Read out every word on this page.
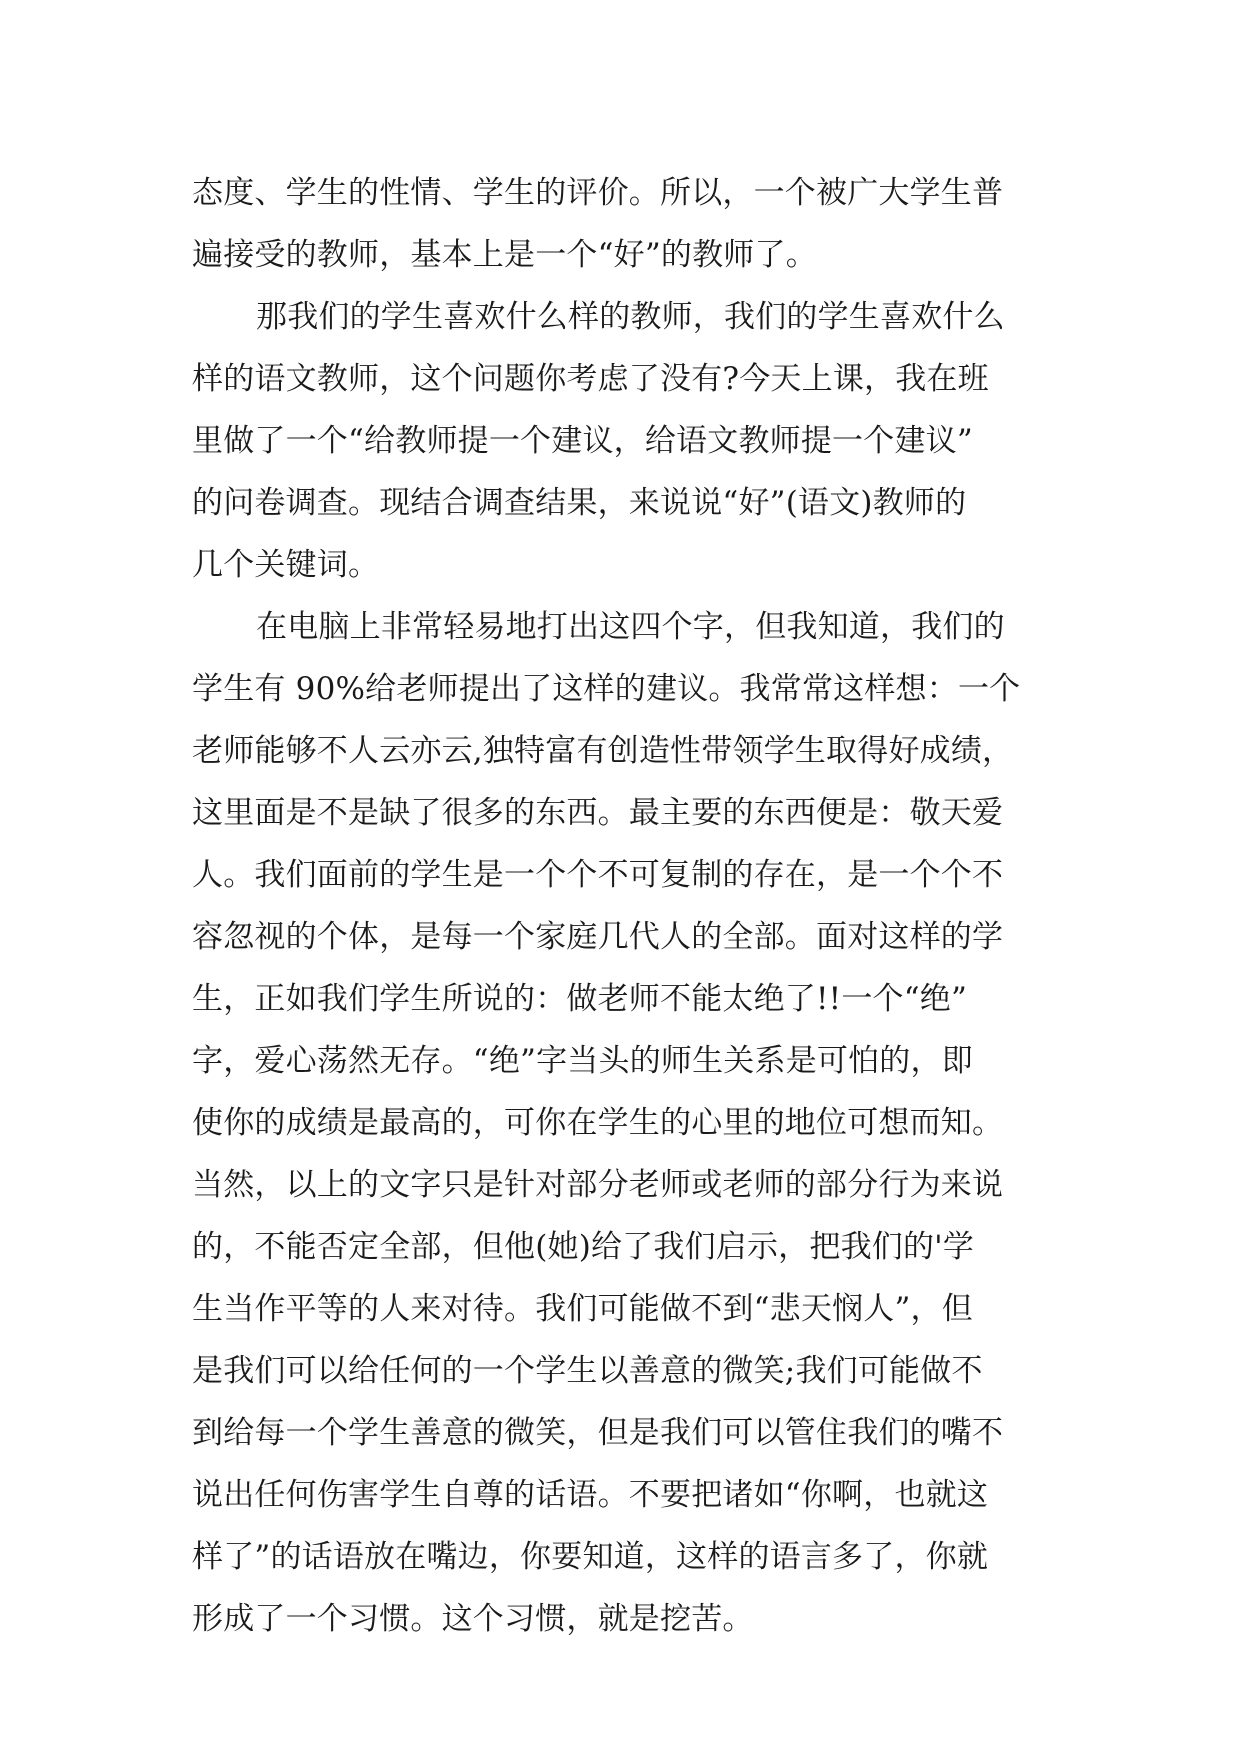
态度、学生的性情、学生的评价。所以，一个被广大学生普
遍接受的教师，基本上是一个“好”的教师了。
那我们的学生喜欢什么样的教师，我们的学生喜欢什么
样的语文教师，这个问题你考虑了没有?今天上课，我在班
里做了一个“给教师提一个建议，给语文教师提一个建议”
的问卷调查。现结合调查结果，来说说“好”(语文)教师的
几个关键词。
在电脑上非常轻易地打出这四个字，但我知道，我们的
学生有 90%给老师提出了这样的建议。我常常这样想：一个
老师能够不人云亦云,独特富有创造性带领学生取得好成绩，
这里面是不是缺了很多的东西。最主要的东西便是：敬天爱
人。我们面前的学生是一个个不可复制的存在，是一个个不
容忽视的个体，是每一个家庭几代人的全部。面对这样的学
生，正如我们学生所说的：做老师不能太绝了!!一个“绝”
字，爱心荡然无存。“绝”字当头的师生关系是可怕的，即
使你的成绩是最高的，可你在学生的心里的地位可想而知。
当然，以上的文字只是针对部分老师或老师的部分行为来说
的，不能否定全部，但他(她)给了我们启示，把我们的'学
生当作平等的人来对待。我们可能做不到“悲天悯人”，但
是我们可以给任何的一个学生以善意的微笑;我们可能做不
到给每一个学生善意的微笑，但是我们可以管住我们的嘴不
说出任何伤害学生自尊的话语。不要把诸如“你啊，也就这
样了”的话语放在嘴边，你要知道，这样的语言多了，你就
形成了一个习惯。这个习惯，就是挖苦。
